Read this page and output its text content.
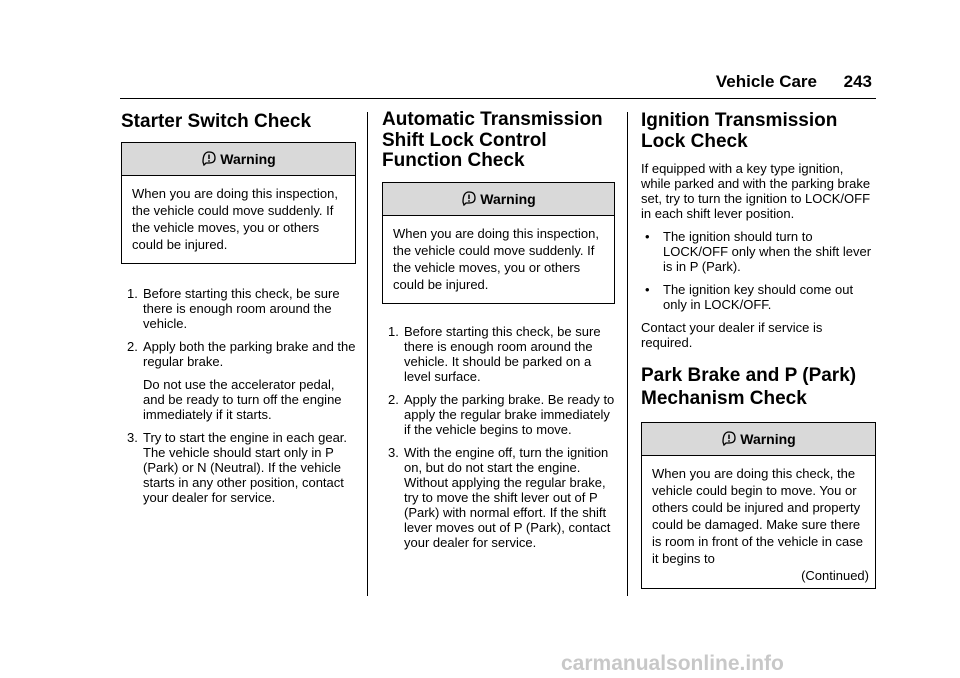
Vehicle Care 243
Starter Switch Check
Warning
When you are doing this inspection, the vehicle could move suddenly. If the vehicle moves, you or others could be injured.
1. Before starting this check, be sure there is enough room around the vehicle.
2. Apply both the parking brake and the regular brake.
Do not use the accelerator pedal, and be ready to turn off the engine immediately if it starts.
3. Try to start the engine in each gear. The vehicle should start only in P (Park) or N (Neutral). If the vehicle starts in any other position, contact your dealer for service.
Automatic Transmission
Shift Lock Control
Function Check
Warning
When you are doing this inspection, the vehicle could move suddenly. If the vehicle moves, you or others could be injured.
1. Before starting this check, be sure there is enough room around the vehicle. It should be parked on a level surface.
2. Apply the parking brake. Be ready to apply the regular brake immediately if the vehicle begins to move.
3. With the engine off, turn the ignition on, but do not start the engine. Without applying the regular brake, try to move the shift lever out of P (Park) with normal effort. If the shift lever moves out of P (Park), contact your dealer for service.
Ignition Transmission
Lock Check

If equipped with a key type ignition, while parked and with the parking brake set, try to turn the ignition to LOCK/OFF in each shift lever position.

• The ignition should turn to LOCK/OFF only when the shift lever is in P (Park).
• The ignition key should come out only in LOCK/OFF.

Contact your dealer if service is required.

Park Brake and P (Park)
Mechanism Check
Warning
When you are doing this check, the vehicle could begin to move. You or others could be injured and property could be damaged. Make sure there is room in front of the vehicle in case it begins to
(Continued)
carmanualsonline.info
